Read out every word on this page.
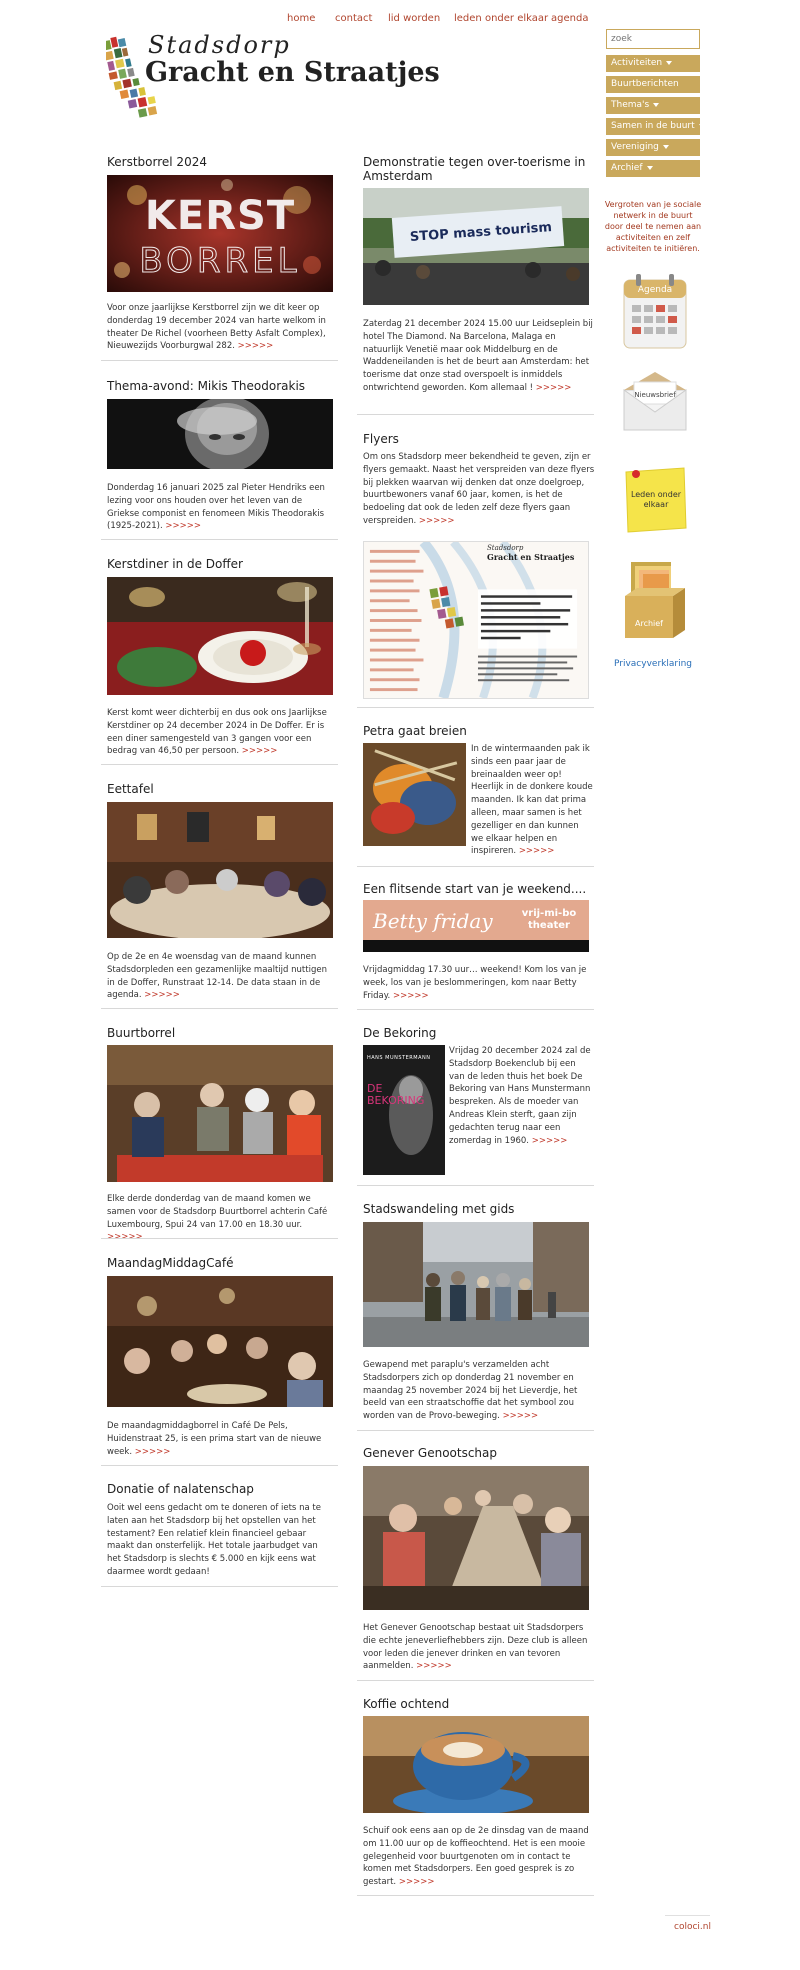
home contact lid worden leden onder elkaar agenda
Stadsdorp
Gracht en Straatjes
zoek	Activiteiten
Buurtberichten
Thema's
Samen in de buurt
Vereniging
Archief
Vergroten van je sociale netwerk in de buurt door deel te nemen aan activiteiten en zelf activiteiten te initiëren.
Agenda
Nieuwsbrief
Leden onder elkaar
Archief
Privacyverklaring
Kerstborrel 2024
KERST
BORREL
Voor onze jaarlijkse Kerstborrel zijn we dit keer op donderdag 19 december 2024 van harte welkom in theater De Richel (voorheen Betty Asfalt Complex), Nieuwezijds Voorburgwal 282. >>>>>
Thema-avond: Mikis Theodorakis
Donderdag 16 januari 2025 zal Pieter Hendriks een lezing voor ons houden over het leven van de Griekse componist en fenomeen Mikis Theodorakis (1925-2021). >>>>>
Kerstdiner in de Doffer
Kerst komt weer dichterbij en dus ook ons Jaarlijkse Kerstdiner op 24 december 2024 in De Doffer. Er is een diner samengesteld van 3 gangen voor een bedrag van 46,50 per persoon. >>>>>
Eettafel
Op de 2e en 4e woensdag van de maand kunnen Stadsdorpleden een gezamenlijke maaltijd nuttigen in de Doffer, Runstraat 12-14. De data staan in de agenda. >>>>>
Buurtborrel
Elke derde donderdag van de maand komen we samen voor de Stadsdorp Buurtborrel achterin Café Luxembourg, Spui 24 van 17.00 en 18.30 uur.
MaandagMiddagCafé
De maandagmiddagborrel in Café De Pels, Huidenstraat 25, is een prima start van de nieuwe week. >>>>>
Donatie of nalatenschap
Ooit wel eens gedacht om te doneren of iets na te laten aan het Stadsdorp bij het opstellen van het testament? Een relatief klein financieel gebaar maakt dan onsterfelijk. Het totale jaarbudget van het Stadsdorp is slechts € 5.000 en kijk eens wat daarmee wordt gedaan!
Demonstratie tegen over-toerisme in Amsterdam
STOP mass tourism
Zaterdag 21 december 2024 15.00 uur Leidseplein bij hotel The Diamond. Na Barcelona, Malaga en natuurlijk Venetië maar ook Middelburg en de Waddeneilanden is het de beurt aan Amsterdam: het toerisme dat onze stad overspoelt is inmiddels ontwrichtend geworden. Kom allemaal ! >>>>>
Flyers
Om ons Stadsdorp meer bekendheid te geven, zijn er flyers gemaakt. Naast het verspreiden van deze flyers bij plekken waarvan wij denken dat onze doelgroep, buurtbewoners vanaf 60 jaar, komen, is het de bedoeling dat ook de leden zelf deze flyers gaan verspreiden. >>>>>
Stadsdorp
Gracht en Straatjes
Petra gaat breien
In de wintermaanden pak ik sinds een paar jaar de breinaalden weer op! Heerlijk in de donkere koude maanden. Ik kan dat prima alleen, maar samen is het gezelliger en dan kunnen we elkaar helpen en inspireren. >>>>>
Een flitsende start van je weekend....
Betty friday	vrij-mi-bo
theater
Vrijdagmiddag 17.30 uur… weekend! Kom los van je week, los van je beslommeringen, kom naar Betty Friday. >>>>>
De Bekoring
HANS MUNSTERMANN
DE BEKORING
Vrijdag 20 december 2024 zal de Stadsdorp Boekenclub bij een van de leden thuis het boek De Bekoring van Hans Munstermann bespreken. Als de moeder van Andreas Klein sterft, gaan zijn gedachten terug naar een zomerdag in 1960. >>>>>
Stadswandeling met gids
Gewapend met paraplu's verzamelden acht Stadsdorpers zich op donderdag 21 november en maandag 25 november 2024 bij het Lieverdje, het beeld van een straatschoffie dat het symbool zou worden van de Provo-beweging. >>>>>
Genever Genootschap
Het Genever Genootschap bestaat uit Stadsdorpers die echte jeneverliefhebbers zijn. Deze club is alleen voor leden die jenever drinken en van tevoren aanmelden. >>>>>
Koffie ochtend
Schuif ook eens aan op de 2e dinsdag van de maand om 11.00 uur op de koffieochtend. Het is een mooie gelegenheid voor buurtgenoten om in contact te komen met Stadsdorpers. Een goed gesprek is zo gestart. >>>>>
coloci.nl
